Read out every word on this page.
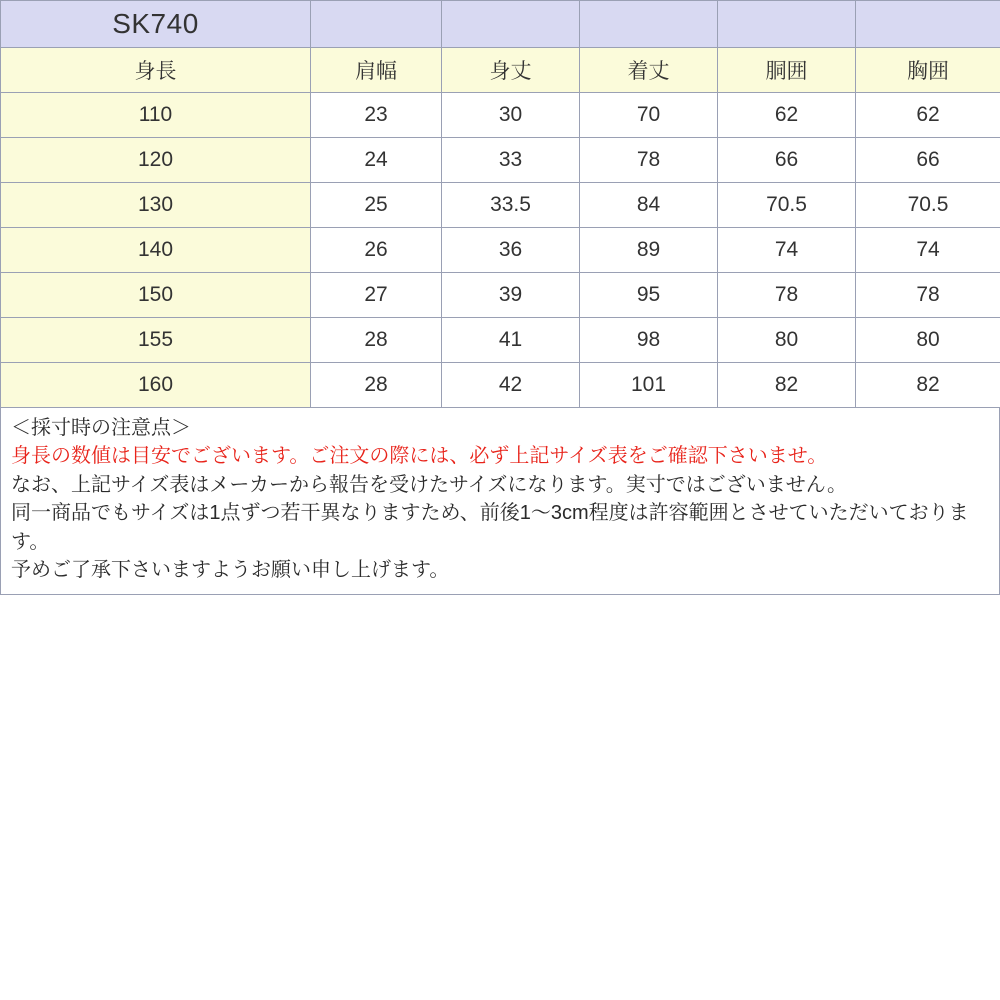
SK740					
身長	肩幅	身丈	着丈	胴囲	胸囲
110	23	30	70	62	62
120	24	33	78	66	66
130	25	33.5	84	70.5	70.5
140	26	36	89	74	74
150	27	39	95	78	78
155	28	41	98	80	80
160	28	42	101	82	82

＜採寸時の注意点＞

身長の数値は目安でございます。ご注文の際には、必ず上記サイズ表をご確認下さいませ。

なお、上記サイズ表はメーカーから報告を受けたサイズになります。実寸ではございません。

同一商品でもサイズは1点ずつ若干異なりますため、前後1～3cm程度は許容範囲とさせていただいております。

予めご了承下さいますようお願い申し上げます。
